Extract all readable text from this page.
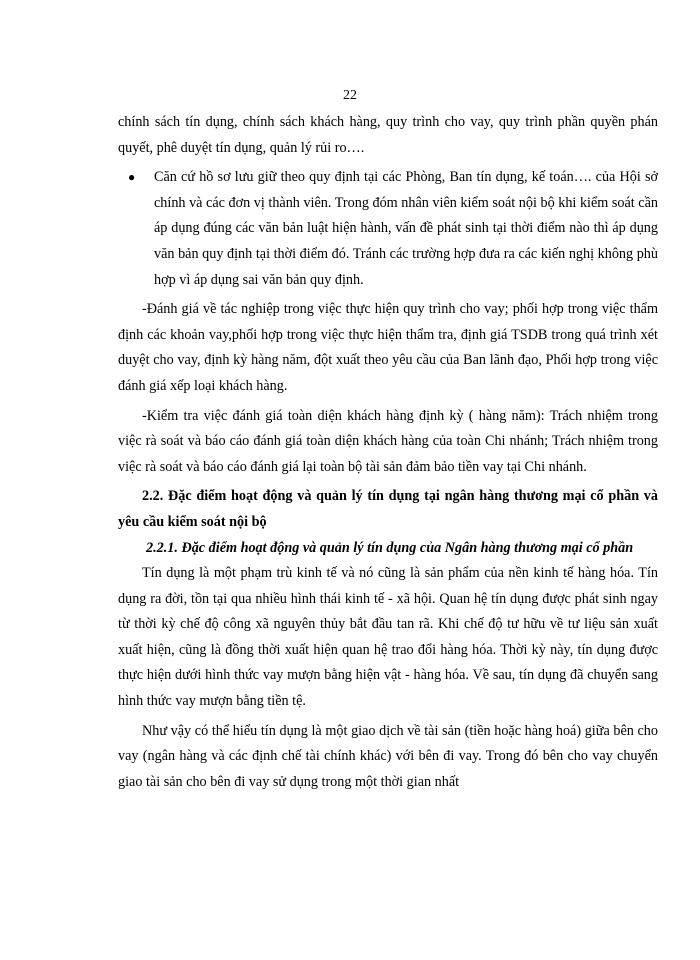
22

chính sách tín dụng, chính sách khách hàng, quy trình cho vay, quy trình phần quyền phán quyết, phê duyệt tín dụng, quản lý rủi ro….

●	Căn cứ hồ sơ lưu giữ theo quy định tại các Phòng, Ban tín dụng, kế toán…. của Hội sở chính và các đơn vị thành viên. Trong đóm nhân viên kiểm soát nội bộ khi kiểm soát cần áp dụng đúng các văn bản luật hiện hành, vấn đề phát sinh tại thời điểm nào thì áp dụng văn bản quy định tại thời điểm đó. Tránh các trường hợp đưa ra các kiến nghị không phù hợp vì áp dụng sai văn bản quy định.

-Đánh giá về tác nghiệp trong việc thực hiện quy trình cho vay; phối hợp trong việc thẩm định các khoản vay,phối hợp trong việc thực hiện thẩm tra, định giá TSDB trong quá trình xét duyệt cho vay, định kỳ hàng năm, đột xuất theo yêu cầu của Ban lãnh đạo, Phối hợp trong việc đánh giá xếp loại khách hàng.

-Kiểm tra việc đánh giá toàn diện khách hàng định kỳ ( hàng năm): Trách nhiệm trong việc rà soát và báo cáo đánh giá toàn diện khách hàng của toàn Chi nhánh; Trách nhiệm trong việc rà soát và báo cáo đánh giá lại toàn bộ tài sản đảm bảo tiền vay tại Chi nhánh.

2.2. Đặc điểm hoạt động và quản lý tín dụng tại ngân hàng thương mại cổ phần và yêu cầu kiểm soát nội bộ

2.2.1. Đặc điểm hoạt động và quản lý tín dụng của Ngân hàng thương mại cổ phần

Tín dụng là một phạm trù kinh tế và nó cũng là sản phẩm của nền kinh tế hàng hóa. Tín dụng ra đời, tồn tại qua nhiều hình thái kinh tế - xã hội. Quan hệ tín dụng được phát sinh ngay từ thời kỳ chế độ công xã nguyên thủy bắt đầu tan rã. Khi chế độ tư hữu về tư liệu sản xuất xuất hiện, cũng là đồng thời xuất hiện quan hệ trao đổi hàng hóa. Thời kỳ này, tín dụng được thực hiện dưới hình thức vay mượn bằng hiện vật - hàng hóa. Về sau, tín dụng đã chuyển sang hình thức vay mượn bằng tiền tệ.

Như vậy có thể hiểu tín dụng là một giao dịch về tài sản (tiền hoặc hàng hoá) giữa bên cho vay (ngân hàng và các định chế tài chính khác) với bên đi vay. Trong đó bên cho vay chuyển giao tài sản cho bên đi vay sử dụng trong một thời gian nhất
